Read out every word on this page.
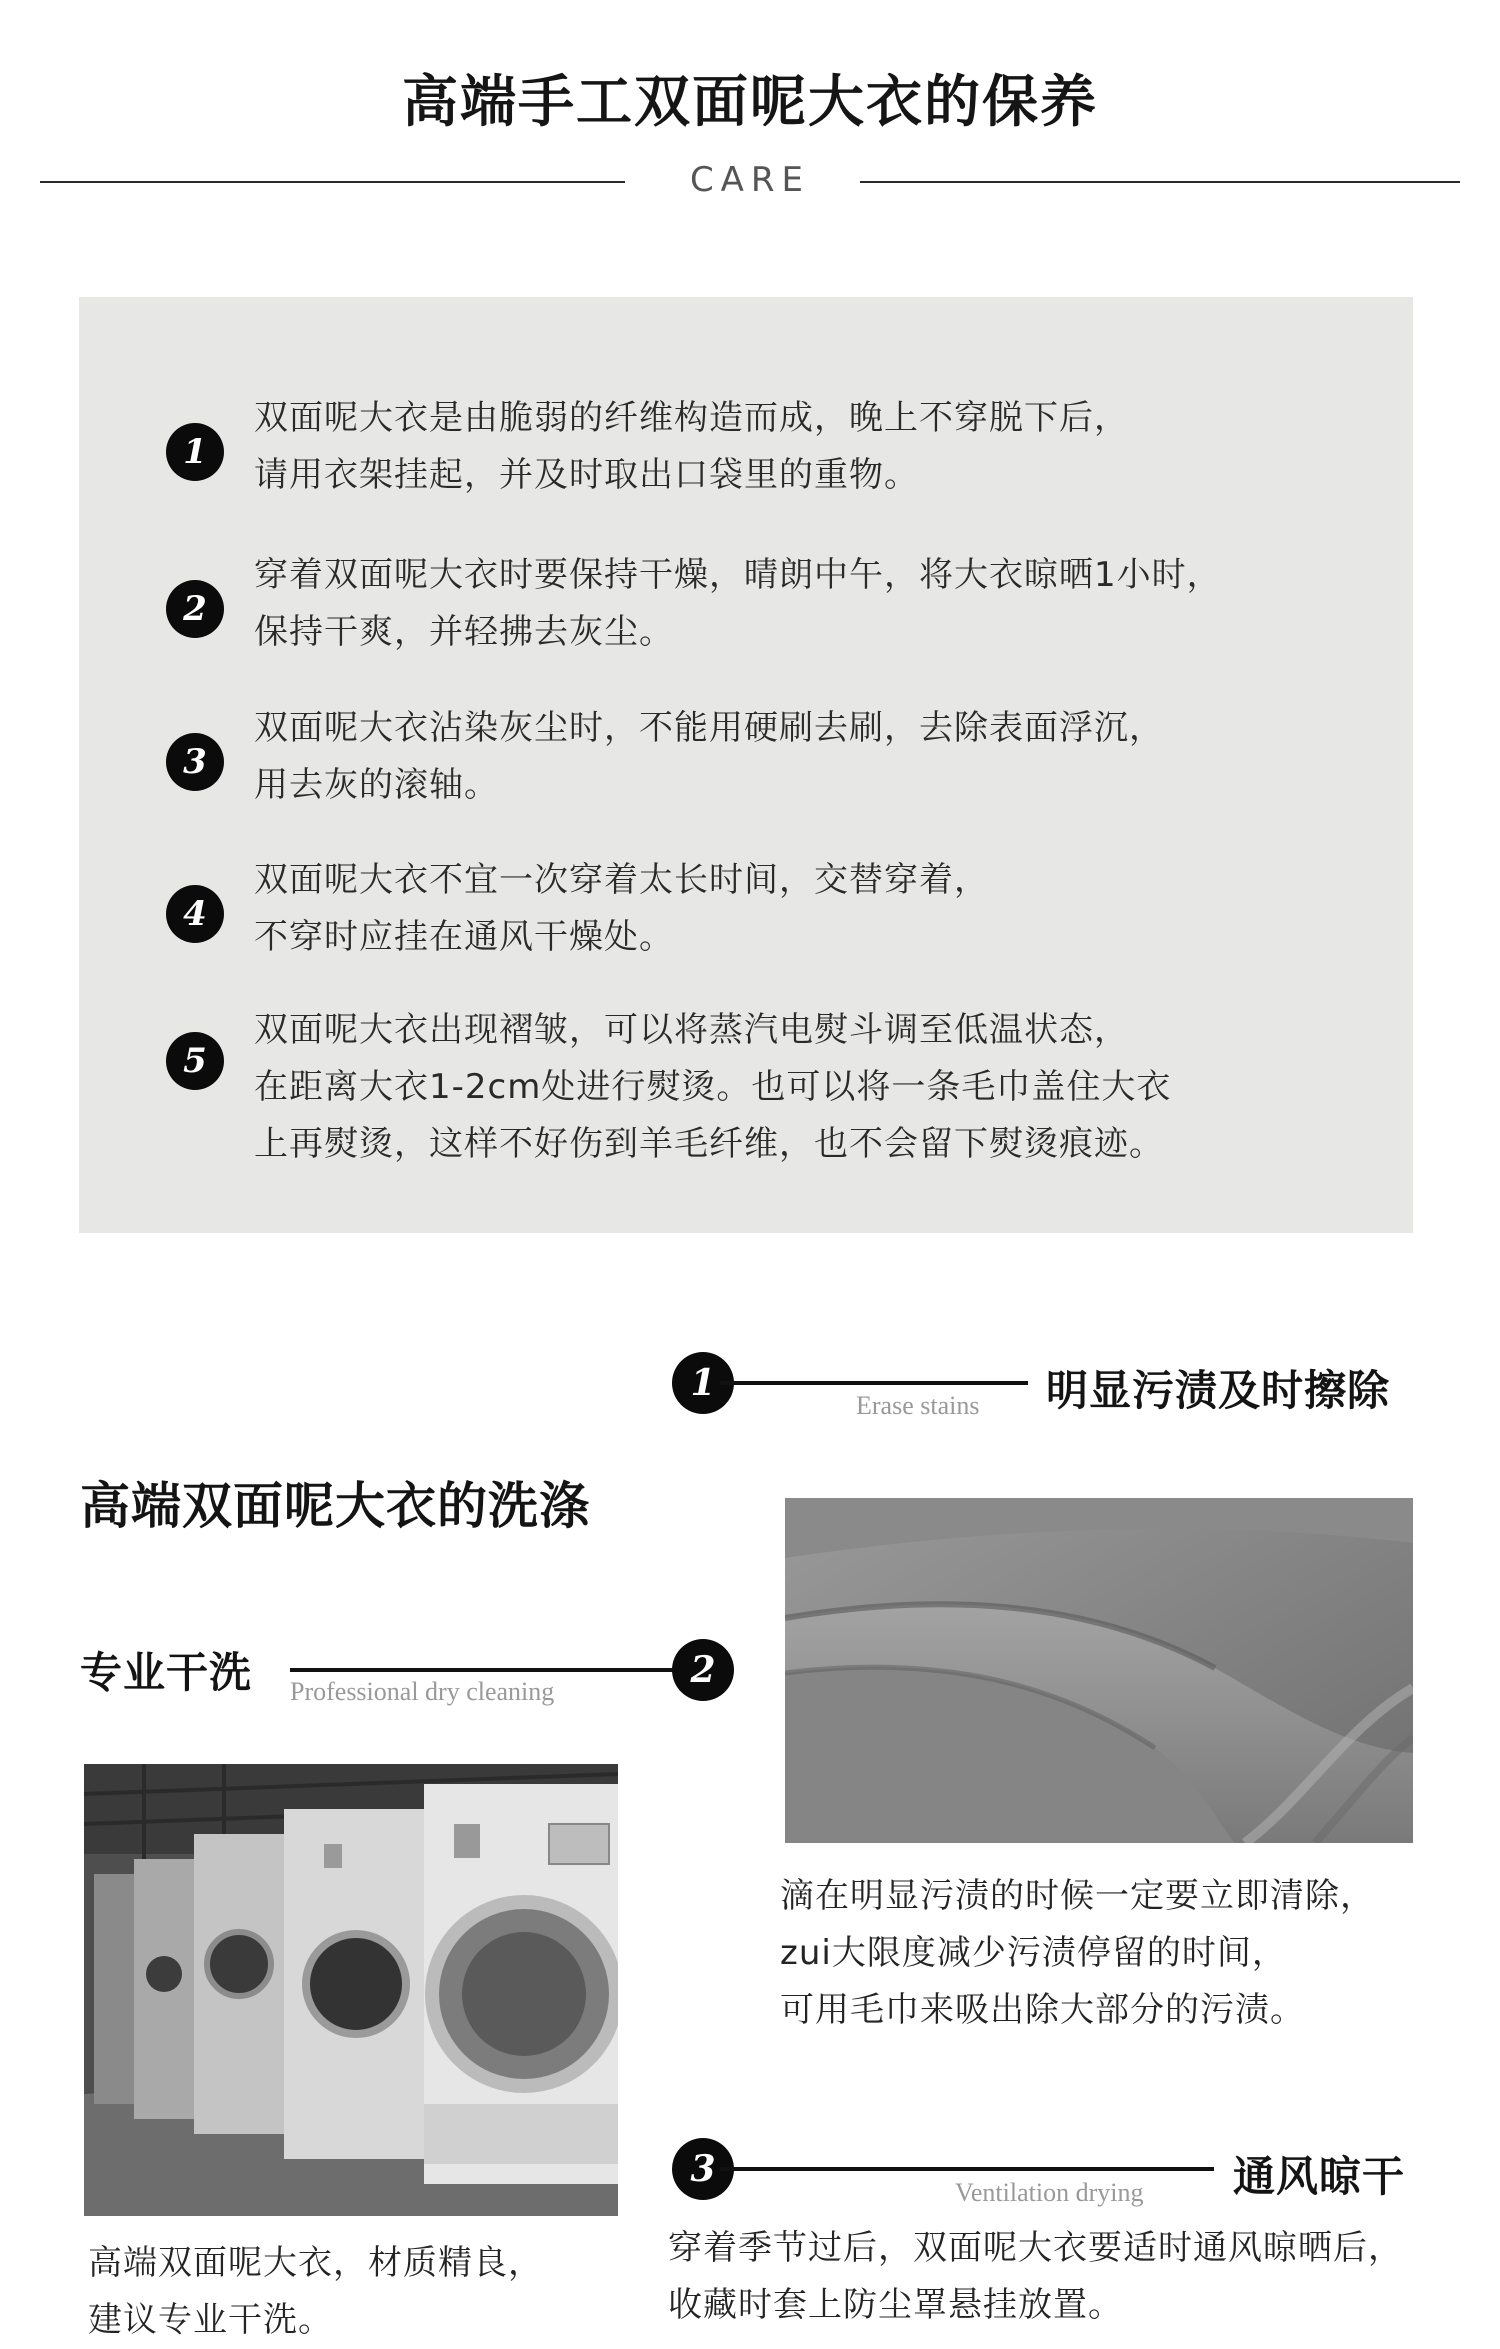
高端手工双面呢大衣的保养
CARE
1
双面呢大衣是由脆弱的纤维构造而成，晚上不穿脱下后，
请用衣架挂起，并及时取出口袋里的重物。
2
穿着双面呢大衣时要保持干燥，晴朗中午，将大衣晾晒1小时，
保持干爽，并轻拂去灰尘。
3
双面呢大衣沾染灰尘时，不能用硬刷去刷，去除表面浮沉，
用去灰的滚轴。
4
双面呢大衣不宜一次穿着太长时间，交替穿着，
不穿时应挂在通风干燥处。
5
双面呢大衣出现褶皱，可以将蒸汽电熨斗调至低温状态，
在距离大衣1-2cm处进行熨烫。也可以将一条毛巾盖住大衣
上再熨烫，这样不好伤到羊毛纤维，也不会留下熨烫痕迹。
1
Erase stains 明显污渍及时擦除
高端双面呢大衣的洗涤
滴在明显污渍的时候一定要立即清除，
zui大限度减少污渍停留的时间，
可用毛巾来吸出除大部分的污渍。
专业干洗 Professional dry cleaning
2
高端双面呢大衣，材质精良，
建议专业干洗。
3
Ventilation drying 通风晾干
穿着季节过后，双面呢大衣要适时通风晾晒后，
收藏时套上防尘罩悬挂放置。
